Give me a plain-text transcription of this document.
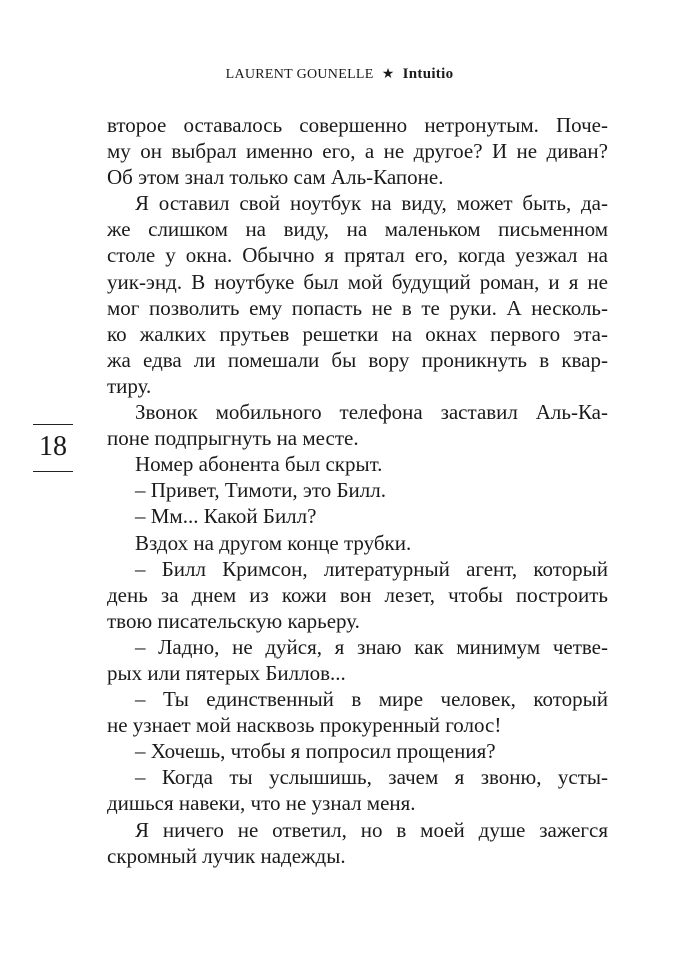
LAURENT GOUNELLE ★ Intuitio
18
второе оставалось совершенно нетронутым. Поче-
му он выбрал именно его, а не другое? И не диван?
Об этом знал только сам Аль-Капоне.
Я оставил свой ноутбук на виду, может быть, да-
же слишком на виду, на маленьком письменном
столе у окна. Обычно я прятал его, когда уезжал на
уик-энд. В ноутбуке был мой будущий роман, и я не
мог позволить ему попасть не в те руки. А несколь-
ко жалких прутьев решетки на окнах первого эта-
жа едва ли помешали бы вору проникнуть в квар-
тиру.
Звонок мобильного телефона заставил Аль-Ка-
поне подпрыгнуть на месте.
Номер абонента был скрыт.
– Привет, Тимоти, это Билл.
– Мм... Какой Билл?
Вздох на другом конце трубки.
– Билл Кримсон, литературный агент, который
день за днем из кожи вон лезет, чтобы построить
твою писательскую карьеру.
– Ладно, не дуйся, я знаю как минимум четве-
рых или пятерых Биллов...
– Ты единственный в мире человек, который
не узнает мой насквозь прокуренный голос!
– Хочешь, чтобы я попросил прощения?
– Когда ты услышишь, зачем я звоню, усты-
дишься навеки, что не узнал меня.
Я ничего не ответил, но в моей душе зажегся
скромный лучик надежды.
